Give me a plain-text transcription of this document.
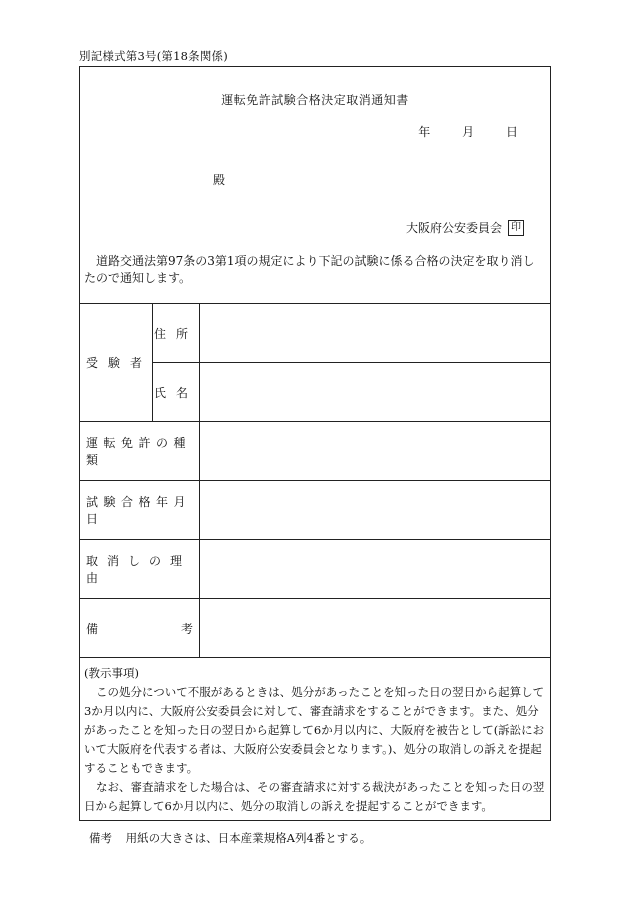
別記様式第3号(第18条関係)
運転免許試験合格決定取消通知書
年	月	日
殿
大阪府公安委員会 印
道路交通法第97条の3第1項の規定により下記の試験に係る合格の決定を取り消したので通知します。
受験者	住所	
	氏名	
運転免許の種類		
試験合格年月日		
取消しの理由		

備 考		

(教示事項)

この処分について不服があるときは、処分があったことを知った日の翌日から起算して3か月以内に、大阪府公安委員会に対して、審査請求をすることができます。また、処分があったことを知った日の翌日から起算して6か月以内に、大阪府を被告として(訴訟において大阪府を代表する者は、大阪府公安委員会となります。)、処分の取消しの訴えを提起することもできます。

なお、審査請求をした場合は、その審査請求に対する裁決があったことを知った日の翌日から起算して6か月以内に、処分の取消しの訴えを提起することができます。

備考 用紙の大きさは、日本産業規格A列4番とする。
